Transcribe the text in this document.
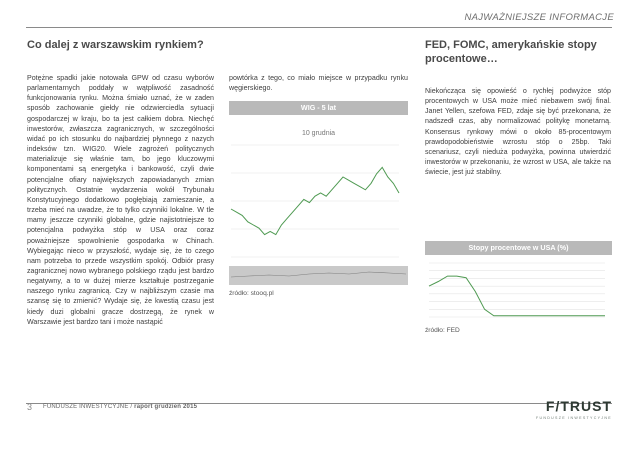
NAJWAŻNIEJSZE INFORMACJE
Co dalej z warszawskim rynkiem?

Potężne spadki jakie notowała GPW od czasu wyborów parlamentarnych poddały w wątpliwość zasadność funkcjonowania rynku. Można śmiało uznać, że w zaden sposób zachowanie giełdy nie odzwierciedla sytuacji gospodarczej w kraju, bo ta jest całkiem dobra. Niechęć inwestorów, zwłaszcza zagranicznych, w szczególności widać po ich stosunku do najbardziej płynnego z nazych indeksów tzn. WIG20. Wiele zagrożeń politycznych materializuje się właśnie tam, bo jego kluczowymi komponentami są energetyka i bankowość, czyli dwie potencjalne ofiary największych zapowiadanych zmian politycznych. Ostatnie wydarzenia wokół Trybunału Konstytucyjnego dodatkowo pogłębiają zamieszanie, a trzeba mieć na uwadze, że to tylko czynniki lokalne. W tle mamy jeszcze czynniki globalne, gdzie najistotniejsze to potencjalna podwyżka stóp w USA oraz coraz poważniejsze spowolnienie gospodarka w Chinach. Wybiegając nieco w przyszłość, wydaje się, że to czego nam potrzeba to przede wszystkim spokój. Odbiór prasy zagranicznej nowo wybranego polskiego rządu jest bardzo negatywny, a to w dużej mierze kształtuje postrzeganie naszego rynku zagranicą. Czy w najbliższym czasie ma szansę się to zmienić? Wydaje się, że kwestią czasu jest kiedy duzi globalni gracze dostrzegą, że rynek w Warszawie jest bardzo tani i może nastąpić

powtórka z tego, co miało miejsce w przypadku rynku węgierskiego.

WIG - 5 lat
10 grudnia
źródło: stooq.pl
FED, FOMC, amerykańskie stopy procentowe…

Niekończąca się opowieść o rychłej podwyżce stóp procentowych w USA może mieć niebawem swój final. Janet Yellen, szefowa FED, zdaje się być przekonana, że nadszedł czas, aby normalizować politykę monetarną. Konsensus rynkowy mówi o około 85-procentowym prawdopodobieństwie wzrostu stóp o 25bp. Taki scenariusz, czyli nieduża podwyżka, powinna utwierdzić inwestorów w przekonaniu, że wzrost w USA, ale także na świecie, jest już stabilny.

Stopy procentowe w USA (%)
źródło: FED
3 FUNDUSZE INWESTYCYJNE / raport grudzień 2015	F/TRUST
FUNDUSZE INWESTYCYJNE
